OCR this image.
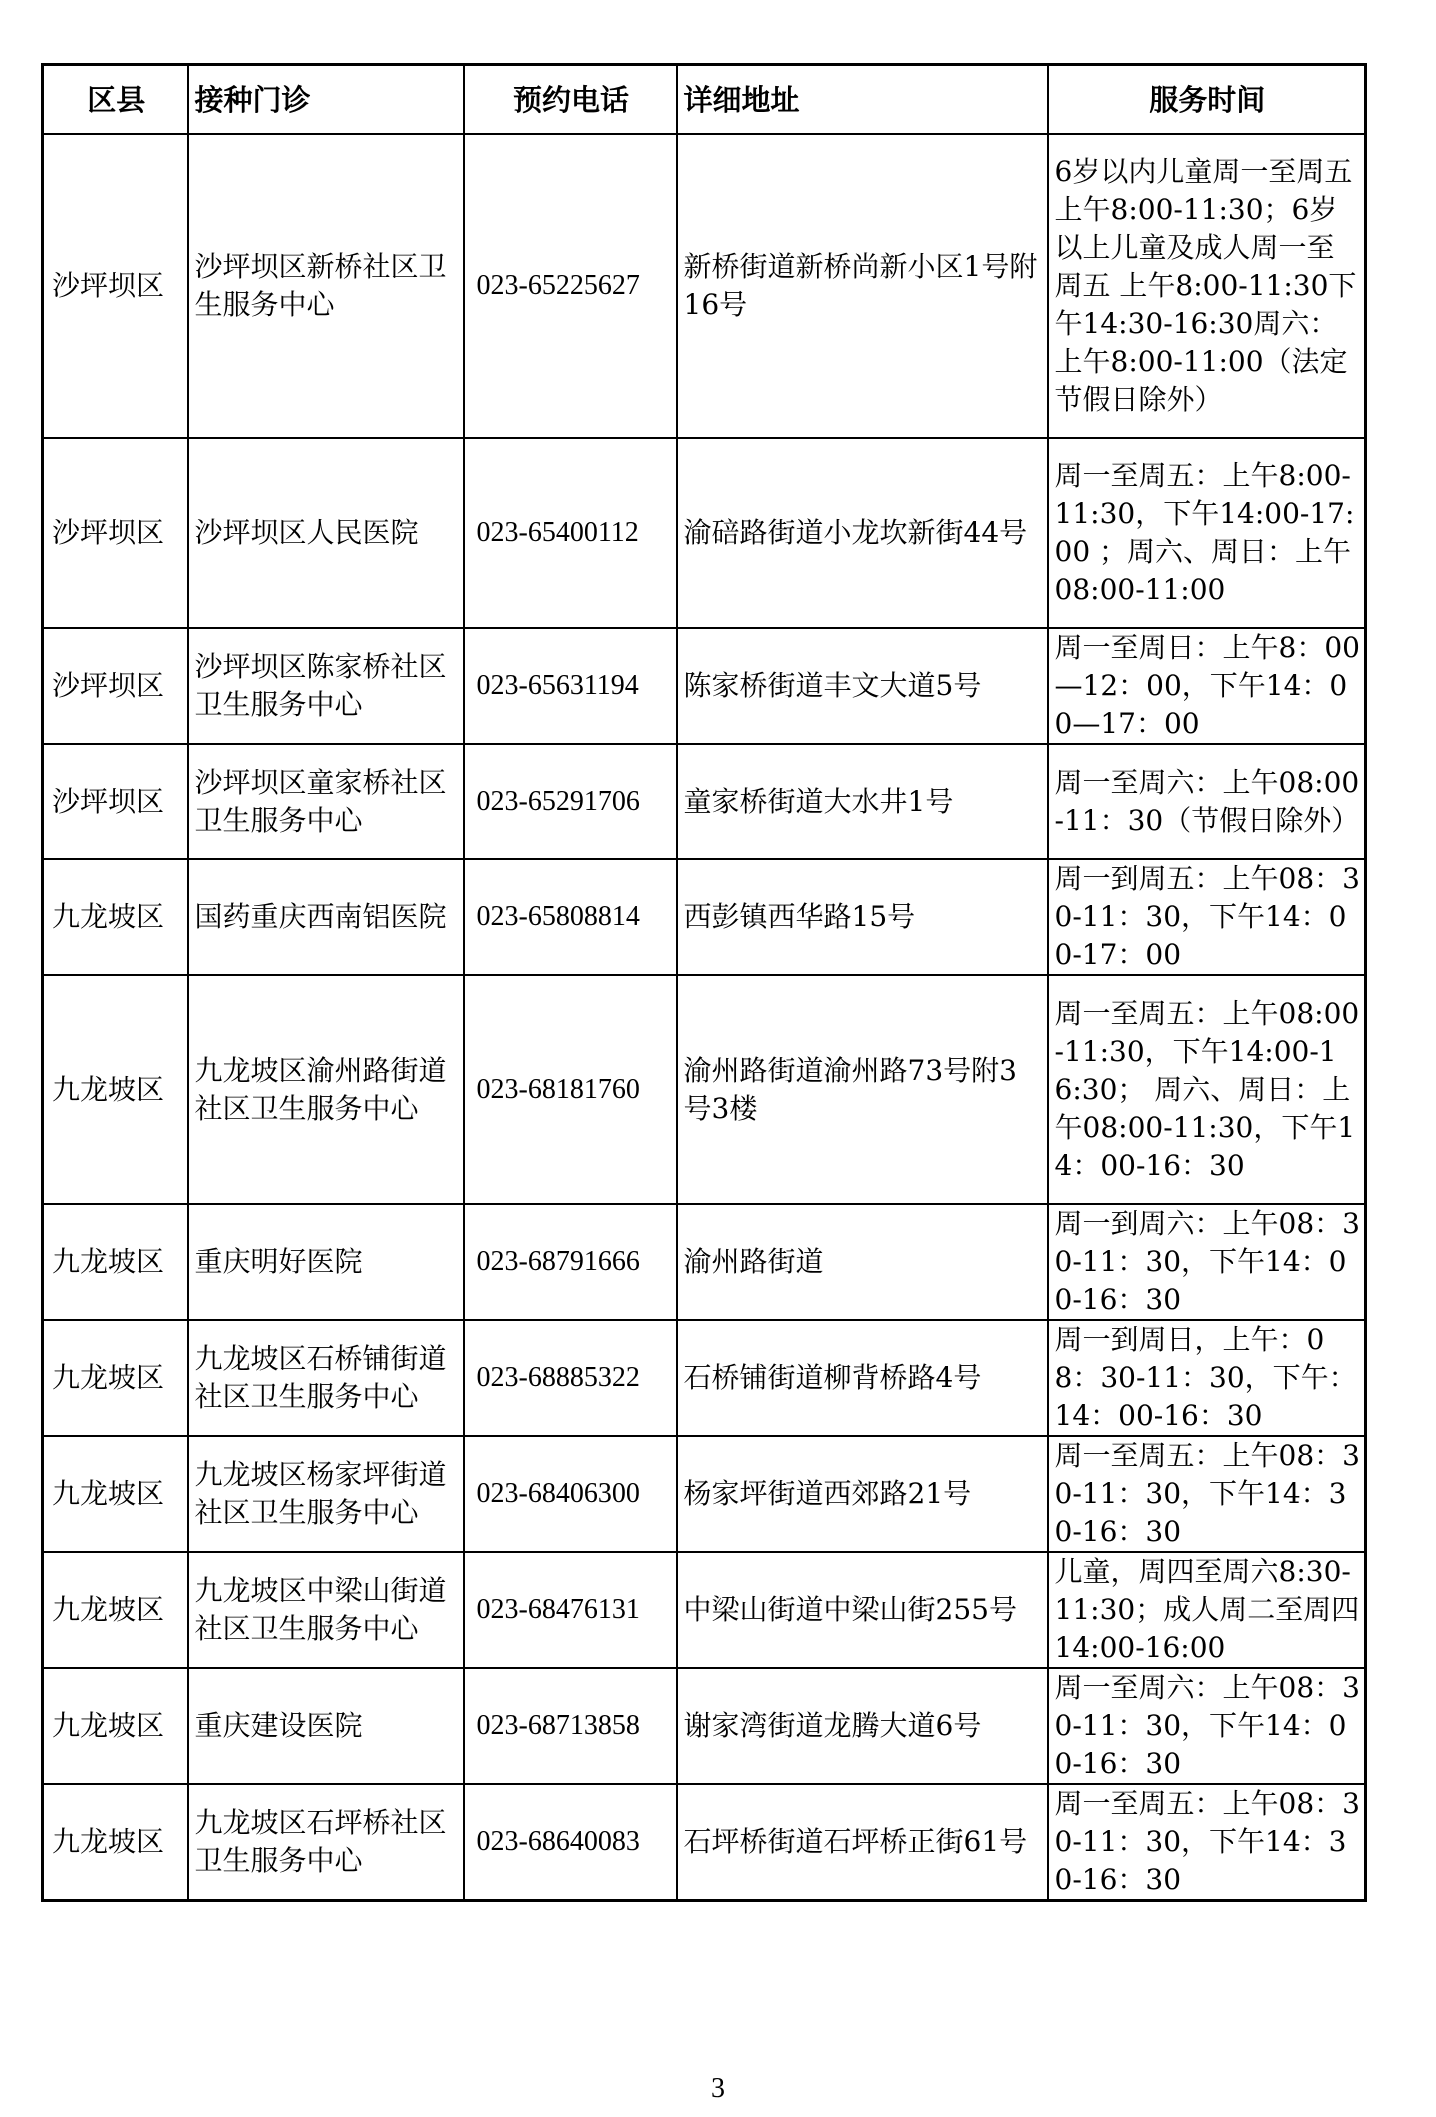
区县	接种门诊	预约电话	详细地址	服务时间
沙坪坝区	沙坪坝区新桥社区卫生服务中心	023-65225627	新桥街道新桥尚新小区1号附16号	6岁以内儿童周一至周五 上午8:00-11:30；6岁以上儿童及成人周一至周五 上午8:00-11:30下午14:30-16:30周六：上午8:00-11:00（法定节假日除外）
沙坪坝区	沙坪坝区人民医院	023-65400112	渝碚路街道小龙坎新街44号	周一至周五：上午8:00-11:30，下午14:00-17:00 ；周六、周日：上午08:00-11:00
沙坪坝区	沙坪坝区陈家桥社区卫生服务中心	023-65631194	陈家桥街道丰文大道5号	周一至周日：上午8：00—12：00，下午14：00—17：00
沙坪坝区	沙坪坝区童家桥社区卫生服务中心	023-65291706	童家桥街道大水井1号	周一至周六：上午08:00-11：30（节假日除外）
九龙坡区	国药重庆西南铝医院	023-65808814	西彭镇西华路15号	周一到周五：上午08：30-11：30，下午14：00-17：00
九龙坡区	九龙坡区渝州路街道社区卫生服务中心	023-68181760	渝州路街道渝州路73号附3号3楼	周一至周五：上午08:00-11:30，下午14:00-16:30； 周六、周日：上午08:00-11:30，下午14：00-16：30
九龙坡区	重庆明好医院	023-68791666	渝州路街道	周一到周六：上午08：30-11：30，下午14：00-16：30
九龙坡区	九龙坡区石桥铺街道社区卫生服务中心	023-68885322	石桥铺街道柳背桥路4号	周一到周日，上午：08：30-11：30，下午：14：00-16：30
九龙坡区	九龙坡区杨家坪街道社区卫生服务中心	023-68406300	杨家坪街道西郊路21号	周一至周五：上午08：30-11：30，下午14：30-16：30
九龙坡区	九龙坡区中梁山街道社区卫生服务中心	023-68476131	中梁山街道中梁山街255号	儿童，周四至周六8:30-11:30；成人周二至周四14:00-16:00
九龙坡区	重庆建设医院	023-68713858	谢家湾街道龙腾大道6号	周一至周六：上午08：30-11：30，下午14：00-16：30
九龙坡区	九龙坡区石坪桥社区卫生服务中心	023-68640083	石坪桥街道石坪桥正街61号	周一至周五：上午08：30-11：30，下午14：30-16：30
3
